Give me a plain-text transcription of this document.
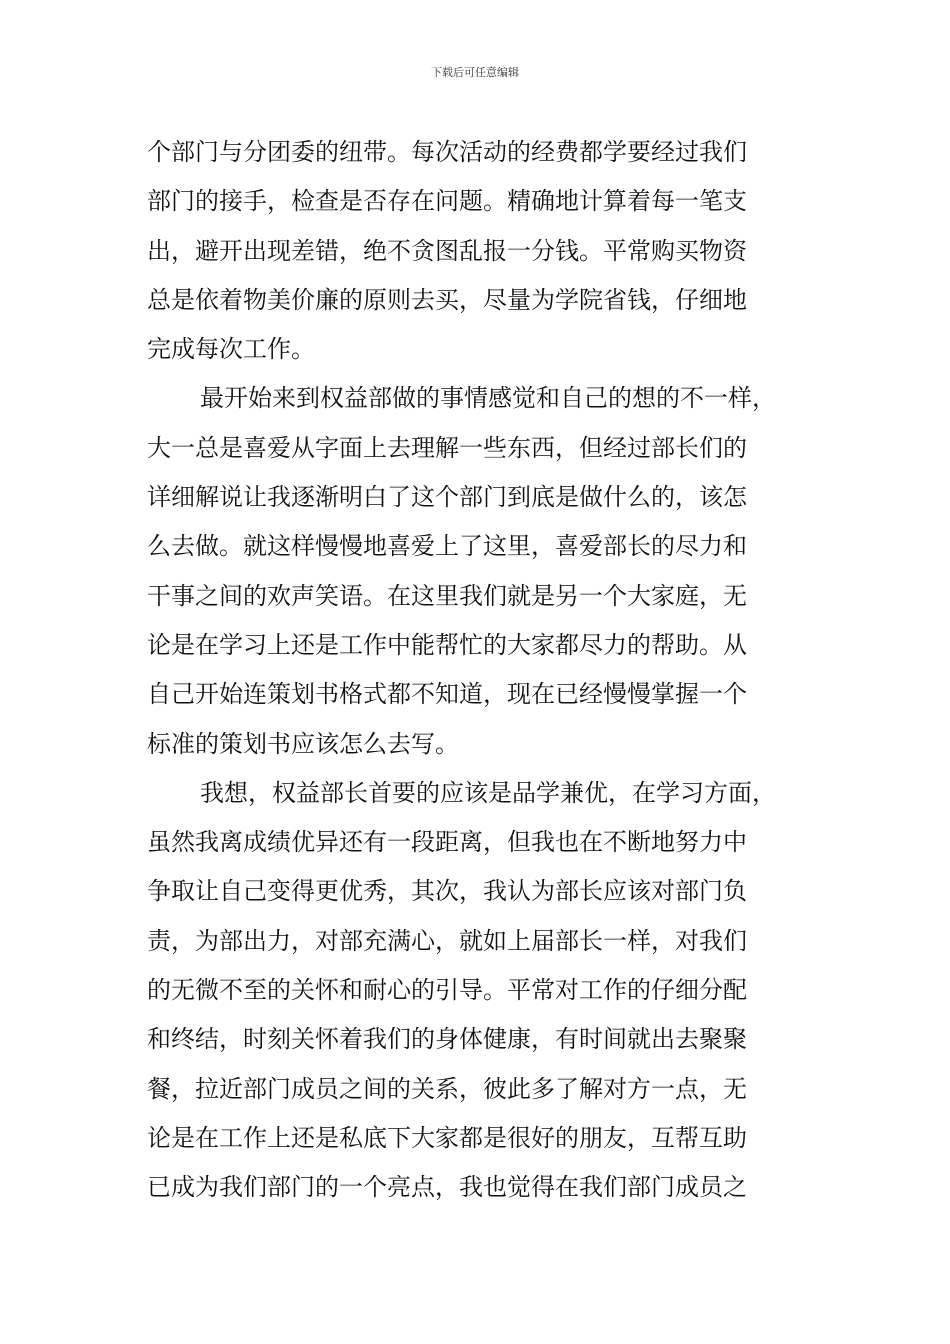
下载后可任意编辑
个部门与分团委的纽带。每次活动的经费都学要经过我们
部门的接手，检查是否存在问题。精确地计算着每一笔支
出，避开出现差错，绝不贪图乱报一分钱。平常购买物资
总是依着物美价廉的原则去买，尽量为学院省钱，仔细地
完成每次工作。
最开始来到权益部做的事情感觉和自己的想的不一样，
大一总是喜爱从字面上去理解一些东西，但经过部长们的
详细解说让我逐渐明白了这个部门到底是做什么的，该怎
么去做。就这样慢慢地喜爱上了这里，喜爱部长的尽力和
干事之间的欢声笑语。在这里我们就是另一个大家庭，无
论是在学习上还是工作中能帮忙的大家都尽力的帮助。从
自己开始连策划书格式都不知道，现在已经慢慢掌握一个
标准的策划书应该怎么去写。
我想，权益部长首要的应该是品学兼优，在学习方面，
虽然我离成绩优异还有一段距离，但我也在不断地努力中
争取让自己变得更优秀，其次，我认为部长应该对部门负
责，为部出力，对部充满心，就如上届部长一样，对我们
的无微不至的关怀和耐心的引导。平常对工作的仔细分配
和终结，时刻关怀着我们的身体健康，有时间就出去聚聚
餐，拉近部门成员之间的关系，彼此多了解对方一点，无
论是在工作上还是私底下大家都是很好的朋友，互帮互助
已成为我们部门的一个亮点，我也觉得在我们部门成员之
